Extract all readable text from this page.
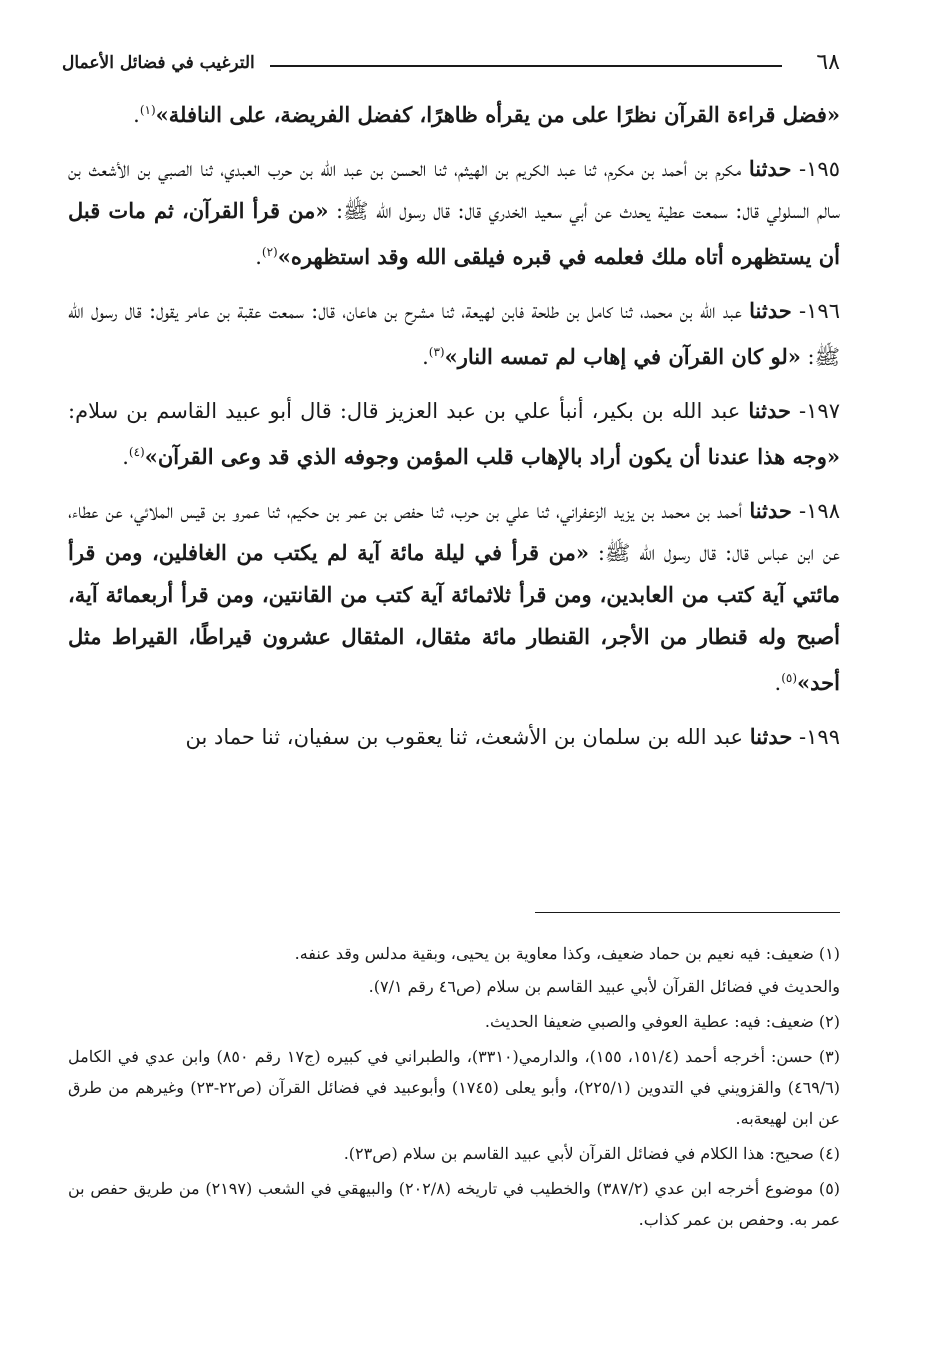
٦٨
الترغيب في فضائل الأعمال

«فضل قراءة القرآن نظرًا على من يقرأه ظاهرًا، كفضل الفريضة، على النافلة»$^{(١)}$.

١٩٥- حدثنا مكرم بن أحمد بن مكرم، ثنا عبد الكريم بن الهيثم، ثنا الحسن بن عبد الله بن حرب العبدي، ثنا الصبي بن الأشعث بن سالم السلولي قال: سمعت عطية يحدث عن أبي سعيد الخدري قال: قال رسول الله ﷺ: «من قرأ القرآن، ثم مات قبل أن يستظهره أتاه ملك فعلمه في قبره فيلقى الله وقد استظهره»$^{(٢)}$.

١٩٦- حدثنا عبد الله بن محمد، ثنا كامل بن طلحة فابن لهيعة، ثنا مشرح بن هاعان، قال: سمعت عقبة بن عامر يقول: قال رسول الله ﷺ: «لو كان القرآن في إهاب لم تمسه النار»$^{(٣)}$.

١٩٧- حدثنا عبد الله بن بكير، أنبأ علي بن عبد العزيز قال: قال أبو عبيد القاسم بن سلام: «وجه هذا عندنا أن يكون أراد بالإهاب قلب المؤمن وجوفه الذي قد وعى القرآن»$^{(٤)}$.

١٩٨- حدثنا أحمد بن محمد بن يزيد الزعفراني، ثنا علي بن حرب، ثنا حفص بن عمر بن حكيم، ثنا عمرو بن قيس الملائي، عن عطاء، عن ابن عباس قال: قال رسول الله ﷺ: «من قرأ في ليلة مائة آية لم يكتب من الغافلين، ومن قرأ مائتي آية كتب من العابدين، ومن قرأ ثلاثمائة آية كتب من القانتين، ومن قرأ أربعمائة آية، أصبح وله قنطار من الأجر، القنطار مائة مثقال، المثقال عشرون قيراطًا، القيراط مثل أحد»$^{(٥)}$.

١٩٩- حدثنا عبد الله بن سلمان بن الأشعث، ثنا يعقوب بن سفيان، ثنا حماد بن

(١) ضعيف: فيه نعيم بن حماد ضعيف، وكذا معاوية بن يحيى، وبقية مدلس وقد عنفه.

والحديث في فضائل القرآن لأبي عبيد القاسم بن سلام (ص٤٦ رقم ٧/١).

(٢) ضعيف: فيه: عطية العوفي والصبي ضعيفا الحديث.

(٣) حسن: أخرجه أحمد (١٥١/٤، ١٥٥)، والدارمي(٣٣١٠)، والطبراني في كبيره (ج١٧ رقم ٨٥٠) وابن عدي في الكامل (٤٦٩/٦) والقزويني في التدوين (٢٢٥/١)، وأبو يعلى (١٧٤٥) وأبوعبيد في فضائل القرآن (ص٢٢-٢٣) وغيرهم من طرق عن ابن لهيعةبه.

(٤) صحيح: هذا الكلام في فضائل القرآن لأبي عبيد القاسم بن سلام (ص٢٣).

(٥) موضوع أخرجه ابن عدي (٣٨٧/٢) والخطيب في تاريخه (٢٠٢/٨) والبيهقي في الشعب (٢١٩٧) من طريق حفص بن عمر به. وحفص بن عمر كذاب.
